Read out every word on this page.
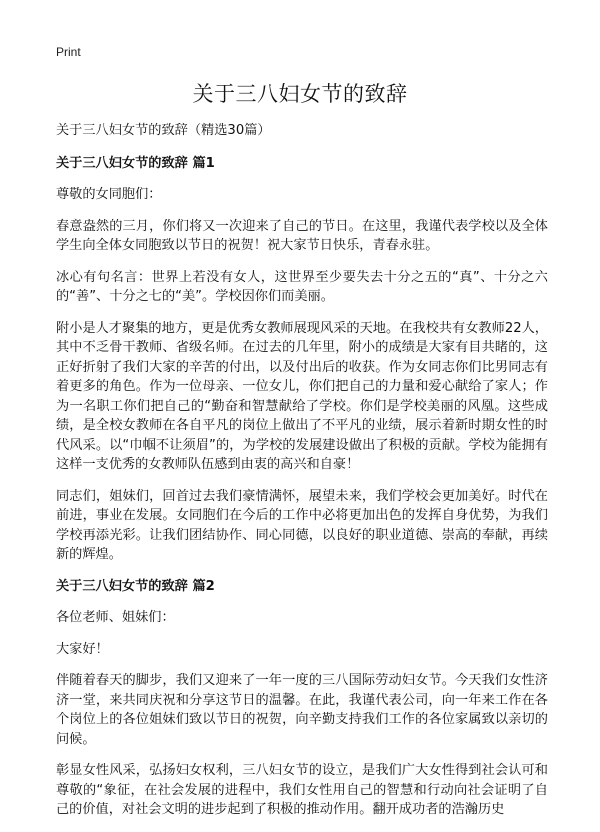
Print
关于三八妇女节的致辞

关于三八妇女节的致辞（精选30篇）

关于三八妇女节的致辞 篇1

尊敬的女同胞们：

春意盎然的三月，你们将又一次迎来了自己的节日。在这里，我谨代表学校以及全体学生向全体女同胞致以节日的祝贺！祝大家节日快乐，青春永驻。

冰心有句名言：世界上若没有女人，这世界至少要失去十分之五的“真”、十分之六的“善”、十分之七的“美”。学校因你们而美丽。

附小是人才聚集的地方，更是优秀女教师展现风采的天地。在我校共有女教师22人，其中不乏骨干教师、省级名师。在过去的几年里，附小的成绩是大家有目共睹的，这正好折射了我们大家的辛苦的付出，以及付出后的收获。作为女同志你们比男同志有着更多的角色。作为一位母亲、一位女儿，你们把自己的力量和爱心献给了家人；作为一名职工你们把自己的“勤奋和智慧献给了学校。你们是学校美丽的风凰。这些成绩，是全校女教师在各自平凡的岗位上做出了不平凡的业绩，展示着新时期女性的时代风采。以“巾帼不让须眉”的，为学校的发展建设做出了积极的贡献。学校为能拥有这样一支优秀的女教师队伍感到由衷的高兴和自豪！

同志们，姐妹们，回首过去我们豪情满怀，展望未来，我们学校会更加美好。时代在前进，事业在发展。女同胞们在今后的工作中必将更加出色的发挥自身优势，为我们学校再添光彩。让我们团结协作、同心同德，以良好的职业道德、崇高的奉献，再续新的辉煌。

关于三八妇女节的致辞 篇2

各位老师、姐妹们：

大家好！

伴随着春天的脚步，我们又迎来了一年一度的三八国际劳动妇女节。今天我们女性济济一堂，来共同庆祝和分享这节日的温馨。在此，我谨代表公司，向一年来工作在各个岗位上的各位姐妹们致以节日的祝贺，向辛勤支持我们工作的各位家属致以亲切的问候。

彰显女性风采，弘扬妇女权利，三八妇女节的设立，是我们广大女性得到社会认可和尊敬的“象征，在社会发展的进程中，我们女性用自己的智慧和行动向社会证明了自己的价值，对社会文明的进步起到了积极的推动作用。翻开成功者的浩瀚历史
